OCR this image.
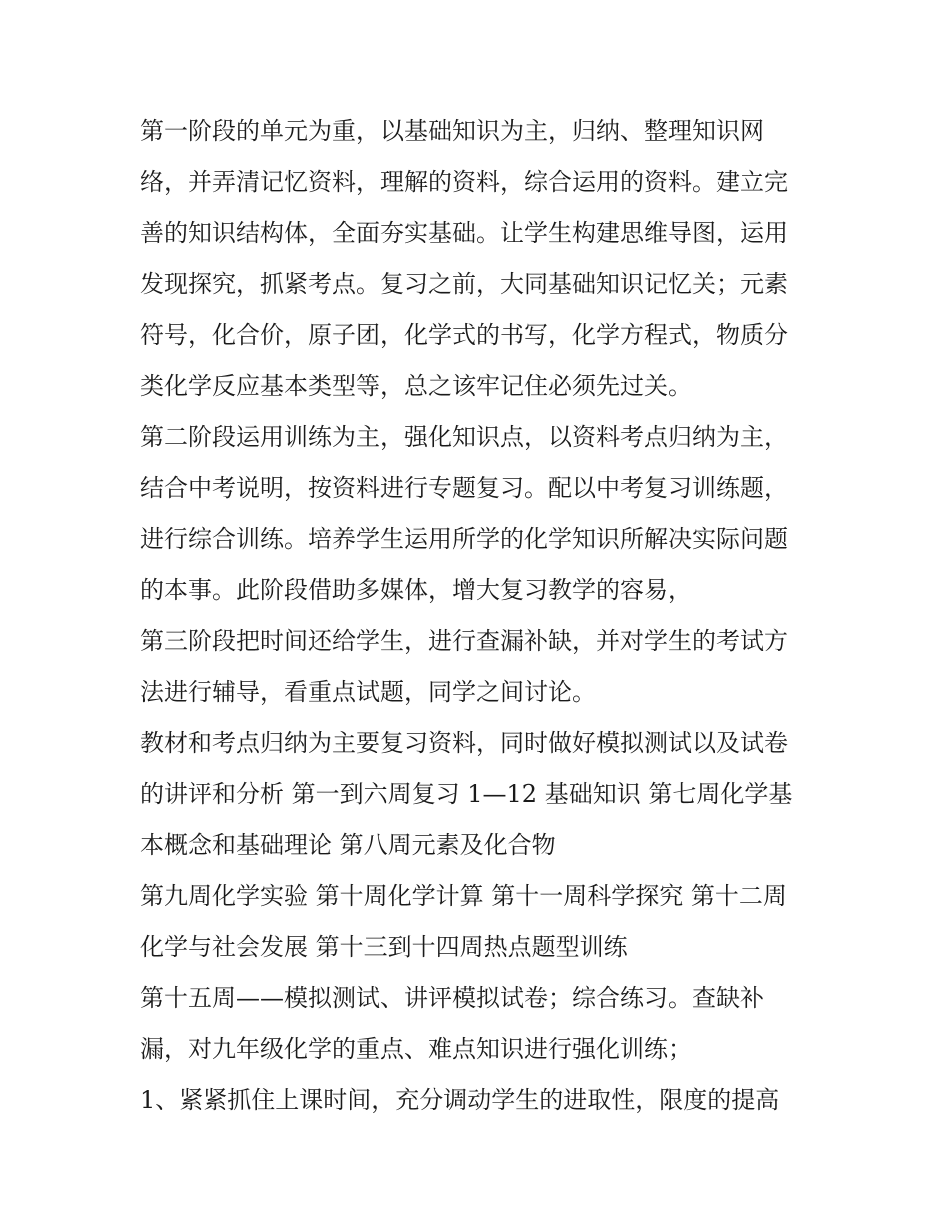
第一阶段的单元为重，以基础知识为主，归纳、整理知识网
络，并弄清记忆资料，理解的资料，综合运用的资料。建立完
善的知识结构体，全面夯实基础。让学生构建思维导图，运用
发现探究，抓紧考点。复习之前，大同基础知识记忆关；元素
符号，化合价，原子团，化学式的书写，化学方程式，物质分
类化学反应基本类型等，总之该牢记住必须先过关。
第二阶段运用训练为主，强化知识点，以资料考点归纳为主，
结合中考说明，按资料进行专题复习。配以中考复习训练题，
进行综合训练。培养学生运用所学的化学知识所解决实际问题
的本事。此阶段借助多媒体，增大复习教学的容易，
第三阶段把时间还给学生，进行查漏补缺，并对学生的考试方
法进行辅导，看重点试题，同学之间讨论。
教材和考点归纳为主要复习资料，同时做好模拟测试以及试卷
的讲评和分析 第一到六周复习 1—12 基础知识 第七周化学基
本概念和基础理论 第八周元素及化合物
第九周化学实验 第十周化学计算 第十一周科学探究 第十二周
化学与社会发展 第十三到十四周热点题型训练
第十五周——模拟测试、讲评模拟试卷；综合练习。查缺补
漏，对九年级化学的重点、难点知识进行强化训练；
1、紧紧抓住上课时间，充分调动学生的进取性，限度的提高
